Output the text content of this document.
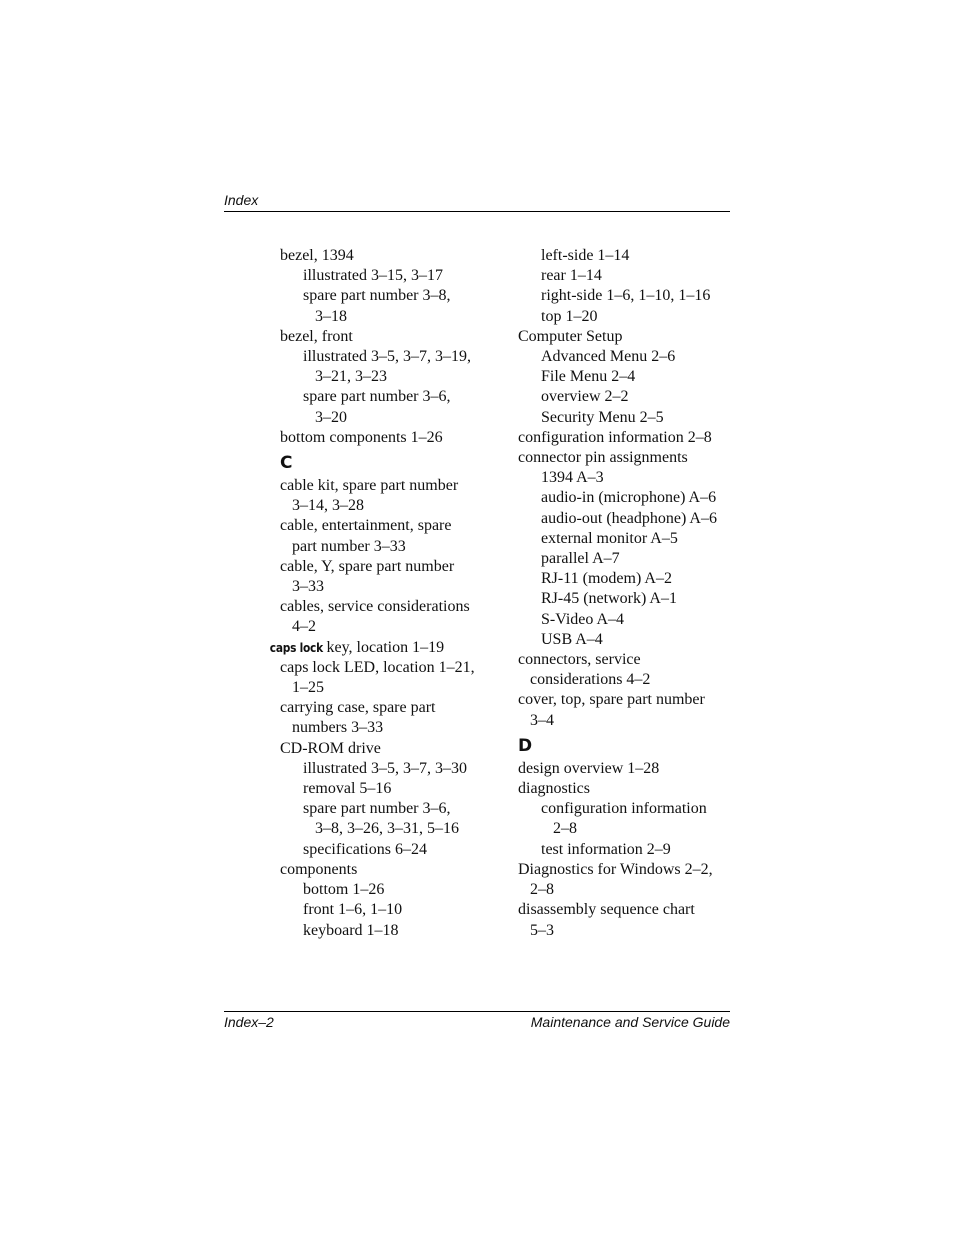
Index
bezel, 1394
illustrated 3–15, 3–17
spare part number 3–8,
3–18
bezel, front
illustrated 3–5, 3–7, 3–19,
3–21, 3–23
spare part number 3–6,
3–20
bottom components 1–26
C
cable kit, spare part number
3–14, 3–28
cable, entertainment, spare
part number 3–33
cable, Y, spare part number
3–33
cables, service considerations
4–2
caps lock key, location 1–19
caps lock LED, location 1–21,
1–25
carrying case, spare part
numbers 3–33
CD-ROM drive
illustrated 3–5, 3–7, 3–30
removal 5–16
spare part number 3–6,
3–8, 3–26, 3–31, 5–16
specifications 6–24
components
bottom 1–26
front 1–6, 1–10
keyboard 1–18
left-side 1–14
rear 1–14
right-side 1–6, 1–10, 1–16
top 1–20
Computer Setup
Advanced Menu 2–6
File Menu 2–4
overview 2–2
Security Menu 2–5
configuration information 2–8
connector pin assignments
1394 A–3
audio-in (microphone) A–6
audio-out (headphone) A–6
external monitor A–5
parallel A–7
RJ-11 (modem) A–2
RJ-45 (network) A–1
S-Video A–4
USB A–4
connectors, service
considerations 4–2
cover, top, spare part number
3–4
D
design overview 1–28
diagnostics
configuration information
2–8
test information 2–9
Diagnostics for Windows 2–2,
2–8
disassembly sequence chart
5–3
Index–2	Maintenance and Service Guide
